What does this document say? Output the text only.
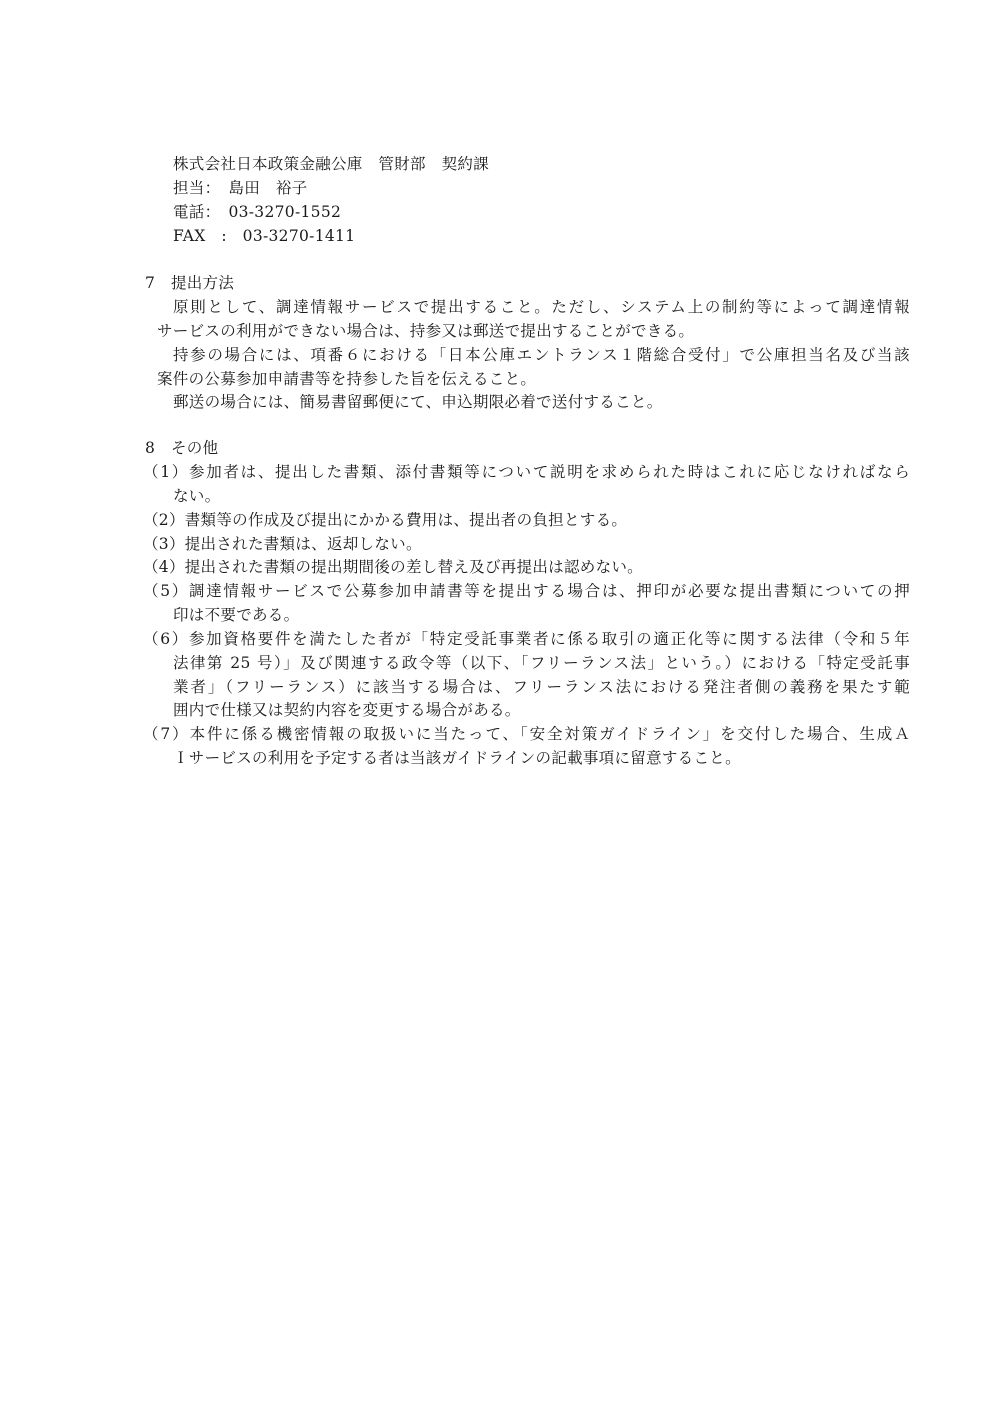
株式会社日本政策金融公庫　管財部　契約課
担当：　島田　裕子
電話：　03-3270-1552
FAX　:　03-3270-1411
7　提出方法
原則として、調達情報サービスで提出すること。ただし、システム上の制約等によって調達情報
サービスの利用ができない場合は、持参又は郵送で提出することができる。
持参の場合には、項番６における「日本公庫エントランス１階総合受付」で公庫担当名及び当該
案件の公募参加申請書等を持参した旨を伝えること。
郵送の場合には、簡易書留郵便にて、申込期限必着で送付すること。
8　その他
（1）参加者は、提出した書類、添付書類等について説明を求められた時はこれに応じなければなら
ない。
（2）書類等の作成及び提出にかかる費用は、提出者の負担とする。
（3）提出された書類は、返却しない。
（4）提出された書類の提出期間後の差し替え及び再提出は認めない。
（5）調達情報サービスで公募参加申請書等を提出する場合は、押印が必要な提出書類についての押
印は不要である。
（6）参加資格要件を満たした者が「特定受託事業者に係る取引の適正化等に関する法律（令和５年
法律第 25 号）」及び関連する政令等（以下、「フリーランス法」という。）における「特定受託事
業者」（フリーランス）に該当する場合は、フリーランス法における発注者側の義務を果たす範
囲内で仕様又は契約内容を変更する場合がある。
（7）本件に係る機密情報の取扱いに当たって、「安全対策ガイドライン」を交付した場合、生成Ａ
Ｉサービスの利用を予定する者は当該ガイドラインの記載事項に留意すること。
